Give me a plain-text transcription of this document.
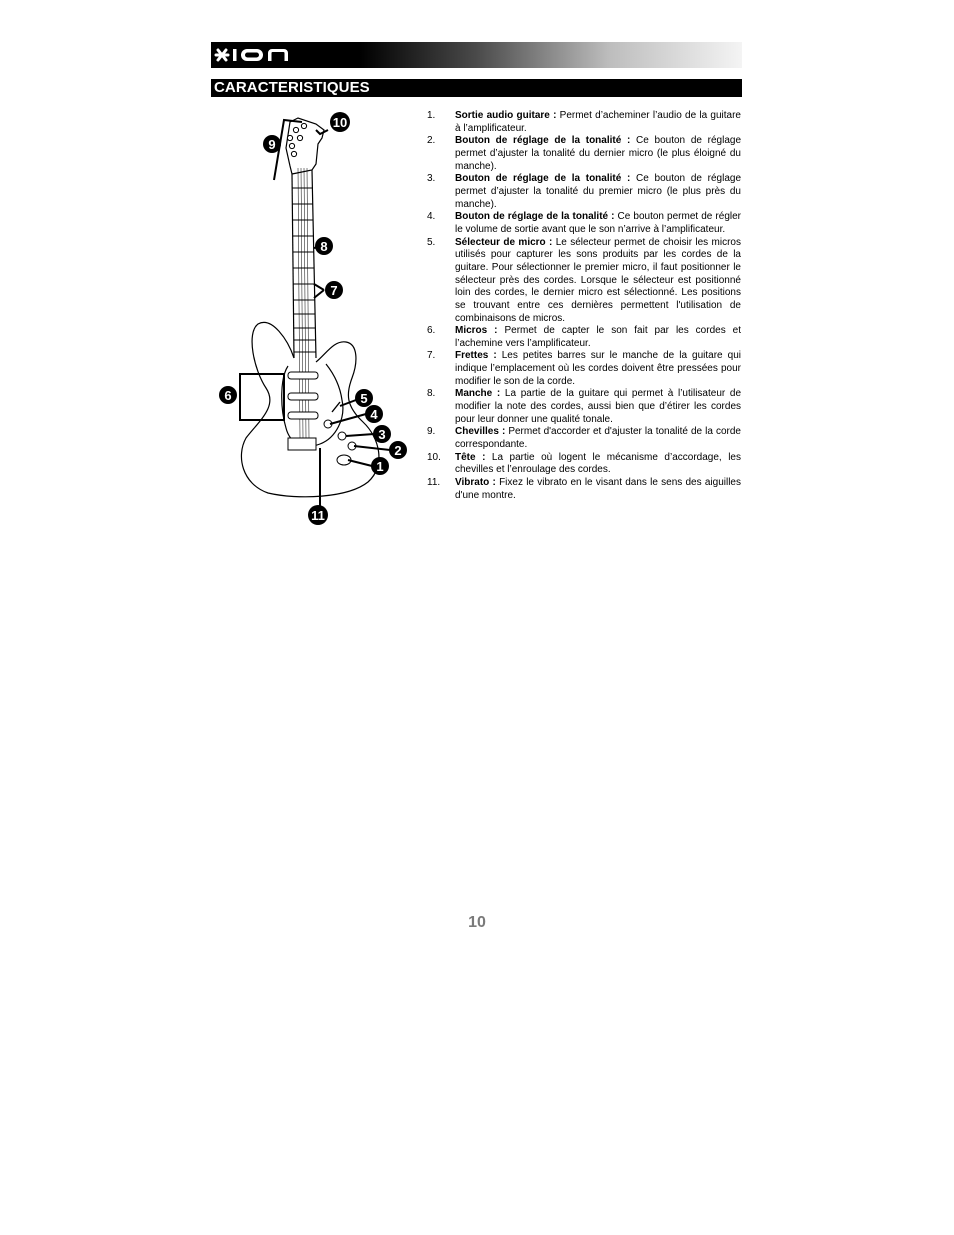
CARACTERISTIQUES
9
10
8
7
6	5
4
3
2
1
11
1. Sortie audio guitare : Permet d’acheminer l’audio de la guitare à l’amplificateur.
2. Bouton de réglage de la tonalité : Ce bouton de réglage permet d’ajuster la tonalité du dernier micro (le plus éloigné du manche).
3. Bouton de réglage de la tonalité : Ce bouton de réglage permet d’ajuster la tonalité du premier micro (le plus près du manche).
4. Bouton de réglage de la tonalité : Ce bouton permet de régler le volume de sortie avant que le son n’arrive à l’amplificateur.
5. Sélecteur de micro : Le sélecteur permet de choisir les micros utilisés pour capturer les sons produits par les cordes de la guitare. Pour sélectionner le premier micro, il faut positionner le sélecteur près des cordes. Lorsque le sélecteur est positionné loin des cordes, le dernier micro est sélectionné. Les positions se trouvant entre ces dernières permettent l'utilisation de combinaisons de micros.
6. Micros : Permet de capter le son fait par les cordes et l’achemine vers l’amplificateur.
7. Frettes : Les petites barres sur le manche de la guitare qui indique l’emplacement où les cordes doivent être pressées pour modifier le son de la corde.
8. Manche : La partie de la guitare qui permet à l’utilisateur de modifier la note des cordes, aussi bien que d’étirer les cordes pour leur donner une qualité tonale.
9. Chevilles : Permet d'accorder et d'ajuster la tonalité de la corde correspondante.
10. Tête : La partie où logent le mécanisme d’accordage, les chevilles et l’enroulage des cordes.
11. Vibrato : Fixez le vibrato en le visant dans le sens des aiguilles d'une montre.
10
